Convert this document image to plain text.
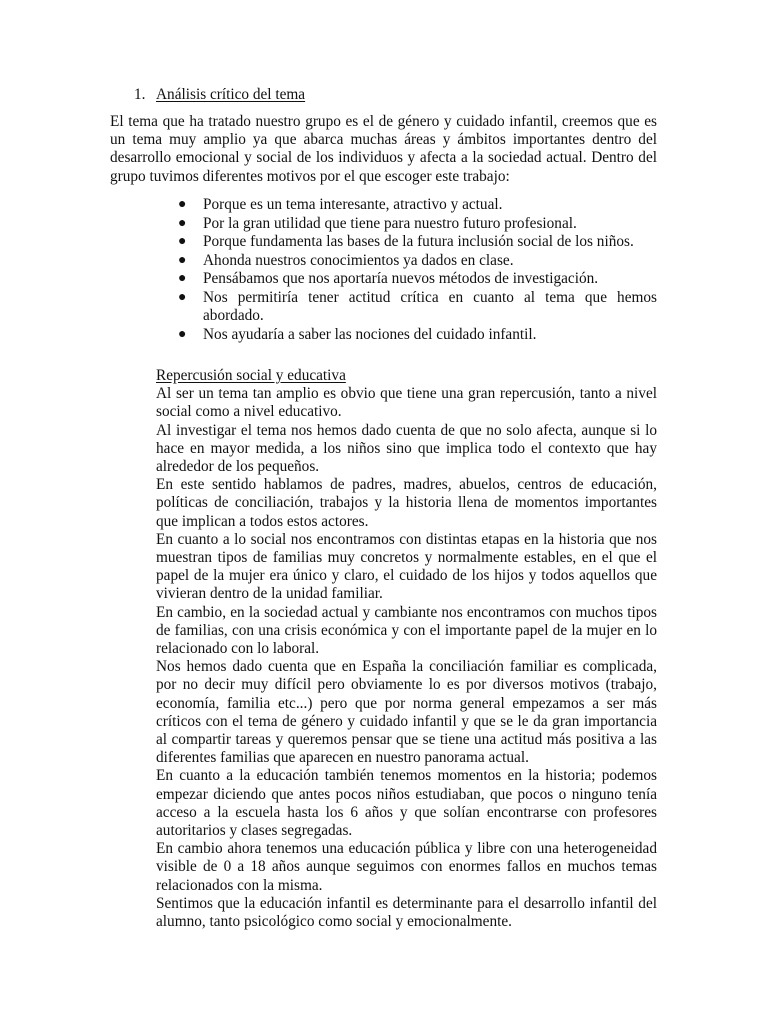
1. Análisis crítico del tema

El tema que ha tratado nuestro grupo es el de género y cuidado infantil, creemos que es un tema muy amplio ya que abarca muchas áreas y ámbitos importantes dentro del desarrollo emocional y social de los individuos y afecta a la sociedad actual. Dentro del grupo tuvimos diferentes motivos por el que escoger este trabajo:

● Porque es un tema interesante, atractivo y actual.
● Por la gran utilidad que tiene para nuestro futuro profesional.
● Porque fundamenta las bases de la futura inclusión social de los niños.
● Ahonda nuestros conocimientos ya dados en clase.
● Pensábamos que nos aportaría nuevos métodos de investigación.
● Nos permitiría tener actitud crítica en cuanto al tema que hemos abordado.
● Nos ayudaría a saber las nociones del cuidado infantil.

Repercusión social y educativa

Al ser un tema tan amplio es obvio que tiene una gran repercusión, tanto a nivel social como a nivel educativo.

Al investigar el tema nos hemos dado cuenta de que no solo afecta, aunque si lo hace en mayor medida, a los niños sino que implica todo el contexto que hay alrededor de los pequeños.

En este sentido hablamos de padres, madres, abuelos, centros de educación, políticas de conciliación, trabajos y la historia llena de momentos importantes que implican a todos estos actores.

En cuanto a lo social nos encontramos con distintas etapas en la historia que nos muestran tipos de familias muy concretos y normalmente estables, en el que el papel de la mujer era único y claro, el cuidado de los hijos y todos aquellos que vivieran dentro de la unidad familiar.

En cambio, en la sociedad actual y cambiante nos encontramos con muchos tipos de familias, con una crisis económica y con el importante papel de la mujer en lo relacionado con lo laboral.

Nos hemos dado cuenta que en España la conciliación familiar es complicada, por no decir muy difícil pero obviamente lo es por diversos motivos (trabajo, economía, familia etc...) pero que por norma general empezamos a ser más críticos con el tema de género y cuidado infantil y que se le da gran importancia al compartir tareas y queremos pensar que se tiene una actitud más positiva a las diferentes familias que aparecen en nuestro panorama actual.

En cuanto a la educación también tenemos momentos en la historia; podemos empezar diciendo que antes pocos niños estudiaban, que pocos o ninguno tenía acceso a la escuela hasta los 6 años y que solían encontrarse con profesores autoritarios y clases segregadas.

En cambio ahora tenemos una educación pública y libre con una heterogeneidad visible de 0 a 18 años aunque seguimos con enormes fallos en muchos temas relacionados con la misma.

Sentimos que la educación infantil es determinante para el desarrollo infantil del alumno, tanto psicológico como social y emocionalmente.
